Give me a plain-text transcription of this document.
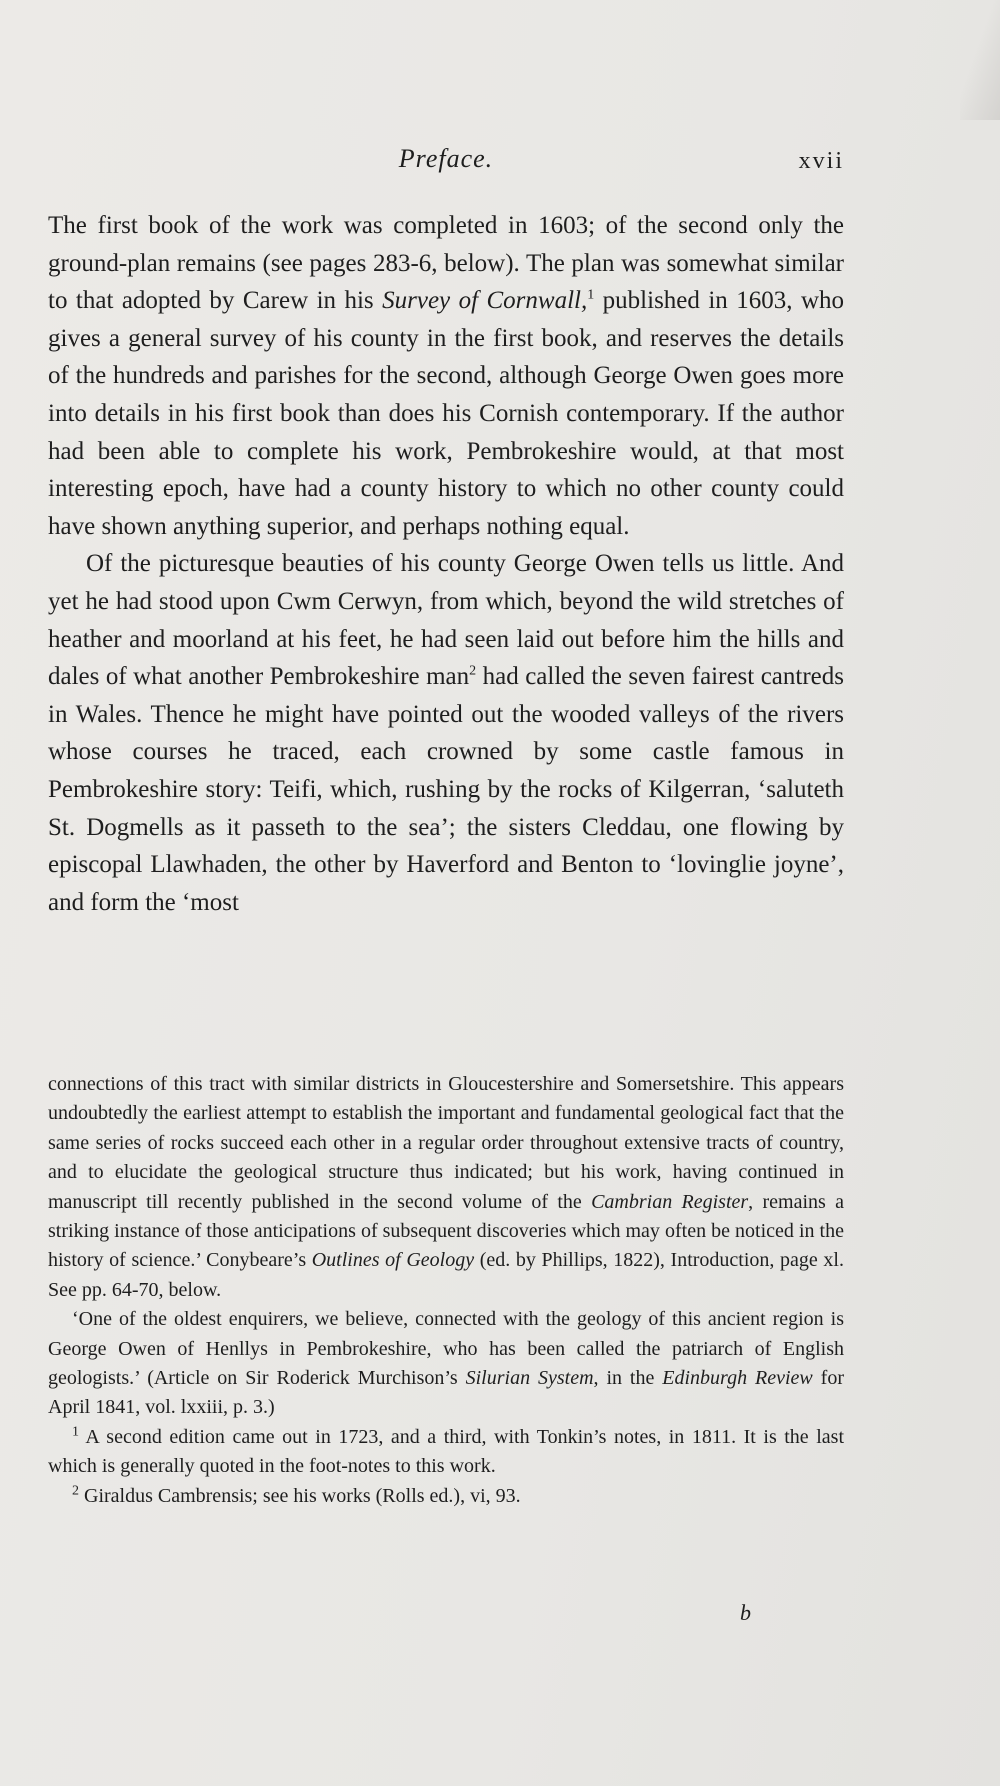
Preface.	xvii

The first book of the work was completed in 1603; of the second only the ground-plan remains (see pages 283-6, below). The plan was somewhat similar to that adopted by Carew in his Survey of Cornwall,$^1$ published in 1603, who gives a general survey of his county in the first book, and reserves the details of the hundreds and parishes for the second, although George Owen goes more into details in his first book than does his Cornish contemporary. If the author had been able to complete his work, Pembrokeshire would, at that most interesting epoch, have had a county history to which no other county could have shown anything superior, and perhaps nothing equal.

Of the picturesque beauties of his county George Owen tells us little. And yet he had stood upon Cwm Cerwyn, from which, beyond the wild stretches of heather and moorland at his feet, he had seen laid out before him the hills and dales of what another Pembrokeshire man$^2$ had called the seven fairest cantreds in Wales. Thence he might have pointed out the wooded valleys of the rivers whose courses he traced, each crowned by some castle famous in Pembrokeshire story: Teifi, which, rushing by the rocks of Kilgerran, ‘saluteth St. Dogmells as it passeth to the sea’; the sisters Cleddau, one flowing by episcopal Llawhaden, the other by Haverford and Benton to ‘lovinglie joyne’, and form the ‘most

connections of this tract with similar districts in Gloucestershire and Somersetshire. This appears undoubtedly the earliest attempt to establish the important and fundamental geological fact that the same series of rocks succeed each other in a regular order throughout extensive tracts of country, and to elucidate the geological structure thus indicated; but his work, having continued in manuscript till recently published in the second volume of the Cambrian Register, remains a striking instance of those anticipations of subsequent discoveries which may often be noticed in the history of science.’ Conybeare’s Outlines of Geology (ed. by Phillips, 1822), Introduction, page xl. See pp. 64-70, below.

‘One of the oldest enquirers, we believe, connected with the geology of this ancient region is George Owen of Henllys in Pembrokeshire, who has been called the patriarch of English geologists.’ (Article on Sir Roderick Murchison’s Silurian System, in the Edinburgh Review for April 1841, vol. lxxiii, p. 3.)

$^1$ A second edition came out in 1723, and a third, with Tonkin’s notes, in 1811. It is the last which is generally quoted in the foot-notes to this work.

$^2$ Giraldus Cambrensis; see his works (Rolls ed.), vi, 93.

b
